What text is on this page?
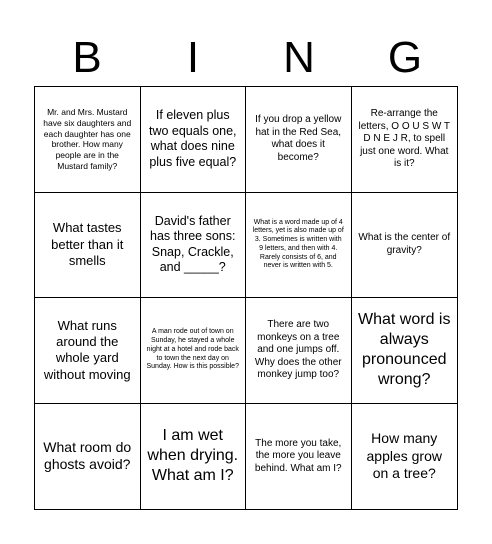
B	I	N	G
Mr. and Mrs. Mustard have six daughters and each daughter has one brother. How many people are in the Mustard family?
If eleven plus two equals one, what does nine plus five equal?
If you drop a yellow hat in the Red Sea, what does it become?
Re-arrange the letters, O O U S W T D N E J R, to spell just one word. What is it?
What tastes better than it smells
David's father has three sons: Snap, Crackle, and _____?
What is a word made up of 4 letters, yet is also made up of 3. Sometimes is written with 9 letters, and then with 4. Rarely consists of 6, and never is written with 5.
What is the center of gravity?
What runs around the whole yard without moving
A man rode out of town on Sunday, he stayed a whole night at a hotel and rode back to town the next day on Sunday. How is this possible?
There are two monkeys on a tree and one jumps off. Why does the other monkey jump too?
What word is always pronounced wrong?
What room do ghosts avoid?
I am wet when drying. What am I?
The more you take, the more you leave behind. What am I?
How many apples grow on a tree?
